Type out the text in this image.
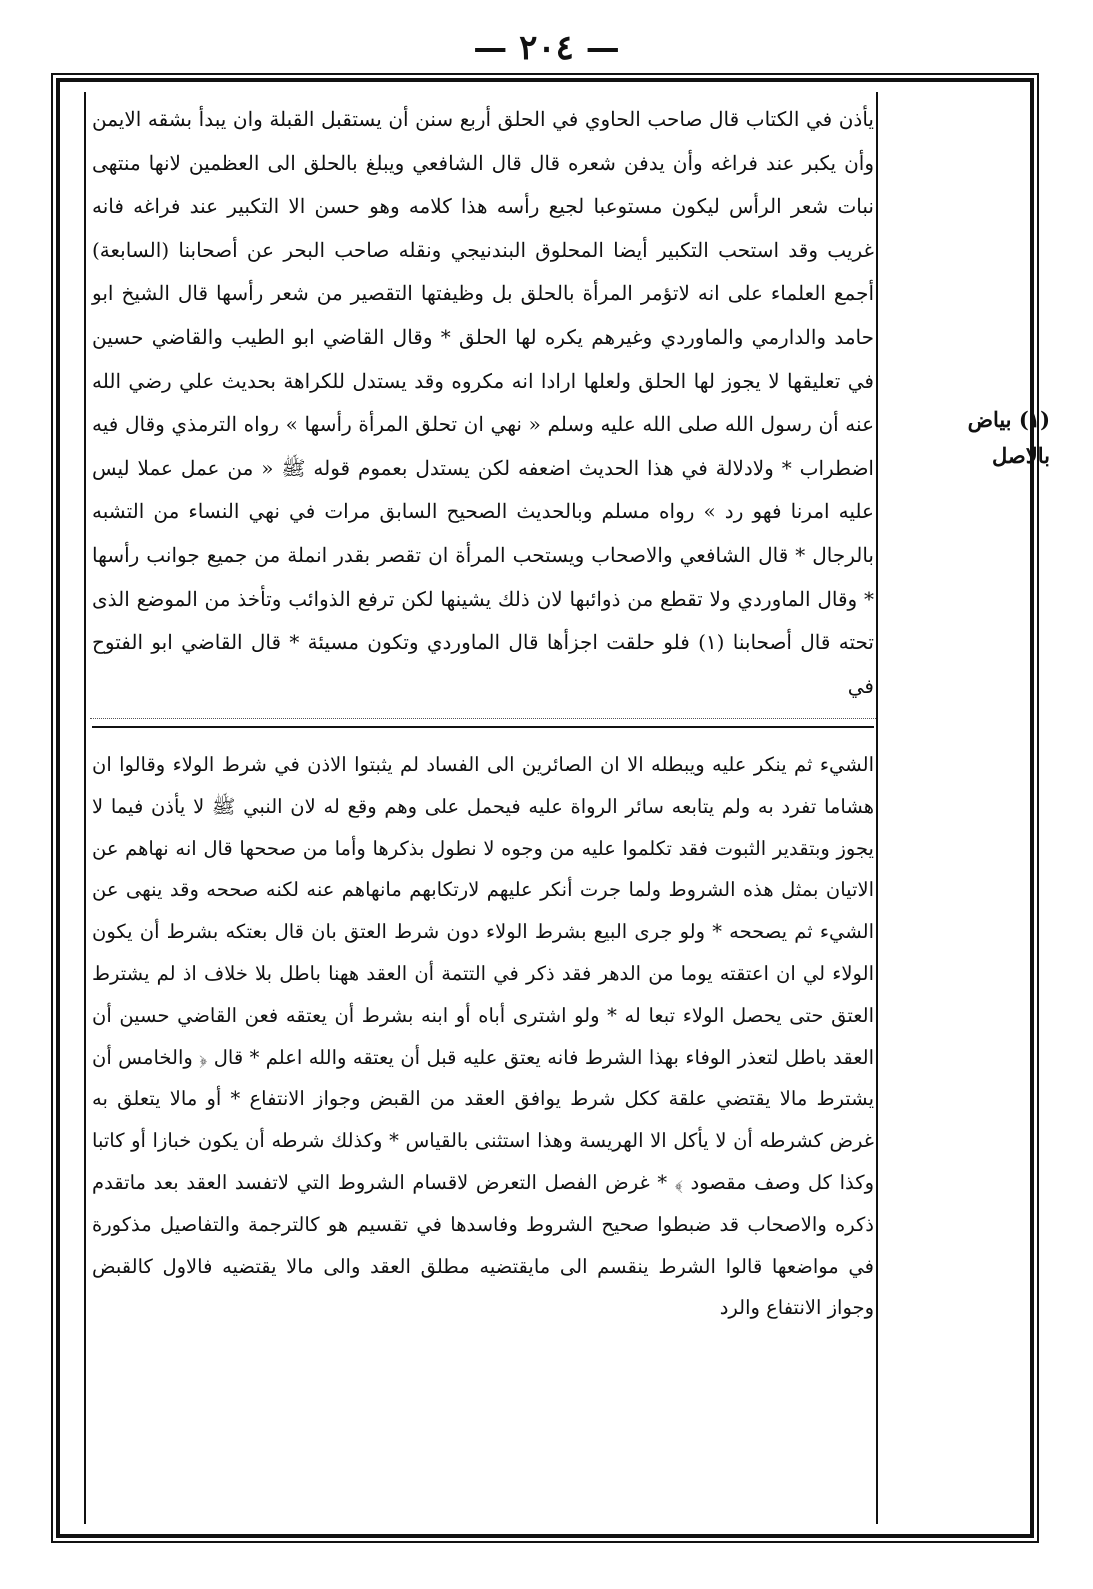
— ٢٠٤ —
يأذن في الكتاب قال صاحب الحاوي في الحلق أربع سنن أن يستقبل القبلة وان يبدأ بشقه الايمن وأن يكبر عند فراغه وأن يدفن شعره قال قال الشافعي ويبلغ بالحلق الى العظمين لانها منتهى نبات شعر الرأس ليكون مستوعبا لجيع رأسه هذا كلامه وهو حسن الا التكبير عند فراغه فانه غريب وقد استحب التكبير أيضا المحلوق البندنيجي ونقله صاحب البحر عن أصحابنا (السابعة) أجمع العلماء على انه لاتؤمر المرأة بالحلق بل وظيفتها التقصير من شعر رأسها قال الشيخ ابو حامد والدارمي والماوردي وغيرهم يكره لها الحلق * وقال القاضي ابو الطيب والقاضي حسين في تعليقها لا يجوز لها الحلق ولعلها ارادا انه مكروه وقد يستدل للكراهة بحديث علي رضي الله عنه أن رسول الله صلى الله عليه وسلم « نهي ان تحلق المرأة رأسها » رواه الترمذي وقال فيه اضطراب * ولادلالة في هذا الحديث اضعفه لكن يستدل بعموم قوله ﷺ « من عمل عملا ليس عليه امرنا فهو رد » رواه مسلم وبالحديث الصحيح السابق مرات في نهي النساء من التشبه بالرجال * قال الشافعي والاصحاب ويستحب المرأة ان تقصر بقدر انملة من جميع جوانب رأسها * وقال الماوردي ولا تقطع من ذوائبها لان ذلك يشينها لكن ترفع الذوائب وتأخذ من الموضع الذى تحته قال أصحابنا (١) فلو حلقت اجزأها قال الماوردي وتكون مسيئة * قال القاضي ابو الفتوح في
الشيء ثم ينكر عليه ويبطله الا ان الصائرين الى الفساد لم يثبتوا الاذن في شرط الولاء وقالوا ان هشاما تفرد به ولم يتابعه سائر الرواة عليه فيحمل على وهم وقع له لان النبي ﷺ لا يأذن فيما لا يجوز وبتقدير الثبوت فقد تكلموا عليه من وجوه لا نطول بذكرها وأما من صححها قال انه نهاهم عن الاتيان بمثل هذه الشروط ولما جرت أنكر عليهم لارتكابهم مانهاهم عنه لكنه صححه وقد ينهى عن الشيء ثم يصححه * ولو جرى البيع بشرط الولاء دون شرط العتق بان قال بعتكه بشرط أن يكون الولاء لي ان اعتقته يوما من الدهر فقد ذكر في التتمة أن العقد ههنا باطل بلا خلاف اذ لم يشترط العتق حتى يحصل الولاء تبعا له * ولو اشترى أباه أو ابنه بشرط أن يعتقه فعن القاضي حسين أن العقد باطل لتعذر الوفاء بهذا الشرط فانه يعتق عليه قبل أن يعتقه والله اعلم * قال ﴿ والخامس أن يشترط مالا يقتضي علقة ككل شرط يوافق العقد من القبض وجواز الانتفاع * أو مالا يتعلق به غرض كشرطه أن لا يأكل الا الهريسة وهذا استثنى بالقياس * وكذلك شرطه أن يكون خبازا أو كاتبا وكذا كل وصف مقصود ﴾ * غرض الفصل التعرض لاقسام الشروط التي لاتفسد العقد بعد ماتقدم ذكره والاصحاب قد ضبطوا صحيح الشروط وفاسدها في تقسيم هو كالترجمة والتفاصيل مذكورة في مواضعها قالوا الشرط ينقسم الى مايقتضيه مطلق العقد والى مالا يقتضيه فالاول كالقبض وجواز الانتفاع والرد
(١) بياض
بالاصل
